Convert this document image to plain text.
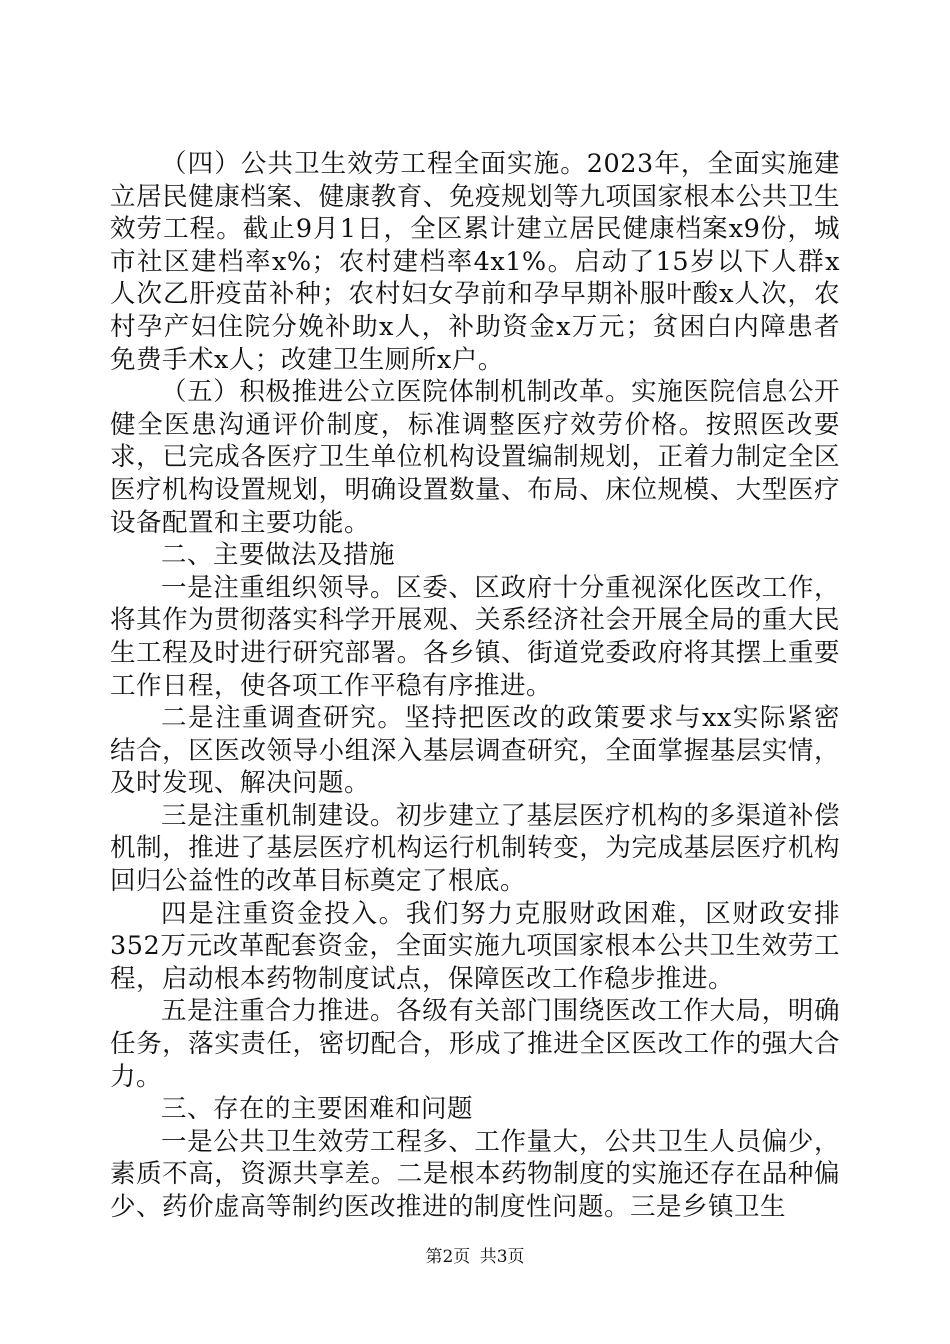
（四）公共卫生效劳工程全面实施。2023年，全面实施建立居民健康档案、健康教育、免疫规划等九项国家根本公共卫生效劳工程。截止9月1日，全区累计建立居民健康档案x9份，城市社区建档率x%；农村建档率4x1%。启动了15岁以下人群x人次乙肝疫苗补种；农村妇女孕前和孕早期补服叶酸x人次，农村孕产妇住院分娩补助x人，补助资金x万元；贫困白内障患者免费手术x人；改建卫生厕所x户。

（五）积极推进公立医院体制机制改革。实施医院信息公开健全医患沟通评价制度，标准调整医疗效劳价格。按照医改要求，已完成各医疗卫生单位机构设置编制规划，正着力制定全区医疗机构设置规划，明确设置数量、布局、床位规模、大型医疗设备配置和主要功能。

二、主要做法及措施

一是注重组织领导。区委、区政府十分重视深化医改工作，将其作为贯彻落实科学开展观、关系经济社会开展全局的重大民生工程及时进行研究部署。各乡镇、街道党委政府将其摆上重要工作日程，使各项工作平稳有序推进。

二是注重调查研究。坚持把医改的政策要求与xx实际紧密结合，区医改领导小组深入基层调查研究，全面掌握基层实情，及时发现、解决问题。

三是注重机制建设。初步建立了基层医疗机构的多渠道补偿机制，推进了基层医疗机构运行机制转变，为完成基层医疗机构回归公益性的改革目标奠定了根底。

四是注重资金投入。我们努力克服财政困难，区财政安排352万元改革配套资金，全面实施九项国家根本公共卫生效劳工程，启动根本药物制度试点，保障医改工作稳步推进。

五是注重合力推进。各级有关部门围绕医改工作大局，明确任务，落实责任，密切配合，形成了推进全区医改工作的强大合力。

三、存在的主要困难和问题

一是公共卫生效劳工程多、工作量大，公共卫生人员偏少，素质不高，资源共享差。二是根本药物制度的实施还存在品种偏少、药价虚高等制约医改推进的制度性问题。三是乡镇卫生

第2页 共3页
